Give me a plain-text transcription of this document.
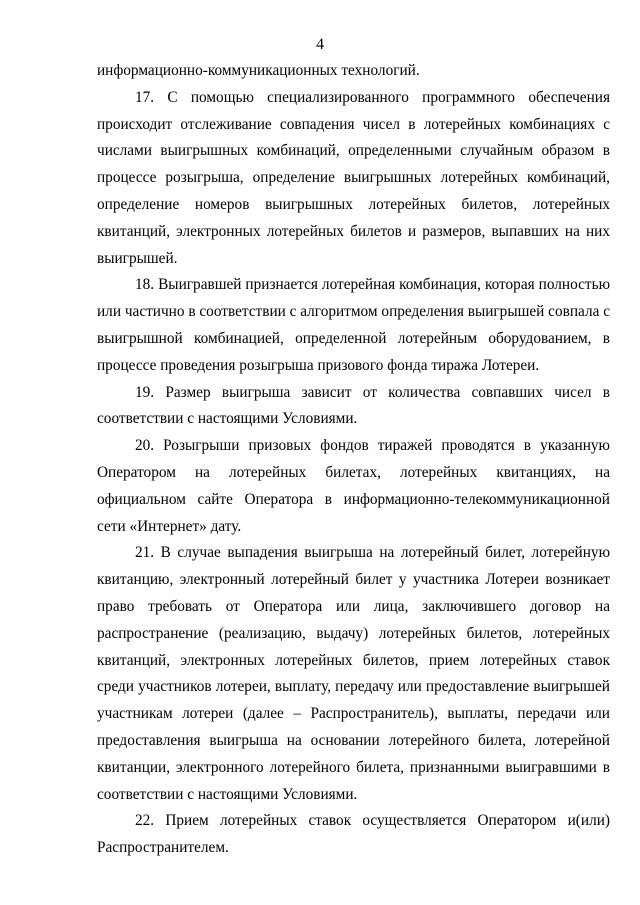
4

информационно-коммуникационных технологий.

17. С помощью специализированного программного обеспечения происходит отслеживание совпадения чисел в лотерейных комбинациях с числами выигрышных комбинаций, определенными случайным образом в процессе розыгрыша, определение выигрышных лотерейных комбинаций, определение номеров выигрышных лотерейных билетов, лотерейных квитанций, электронных лотерейных билетов и размеров, выпавших на них выигрышей.

18. Выигравшей признается лотерейная комбинация, которая полностью или частично в соответствии с алгоритмом определения выигрышей совпала с выигрышной комбинацией, определенной лотерейным оборудованием, в процессе проведения розыгрыша призового фонда тиража Лотереи.

19. Размер выигрыша зависит от количества совпавших чисел в соответствии с настоящими Условиями.

20. Розыгрыши призовых фондов тиражей проводятся в указанную Оператором на лотерейных билетах, лотерейных квитанциях, на официальном сайте Оператора в информационно-телекоммуникационной сети «Интернет» дату.

21. В случае выпадения выигрыша на лотерейный билет, лотерейную квитанцию, электронный лотерейный билет у участника Лотереи возникает право требовать от Оператора или лица, заключившего договор на распространение (реализацию, выдачу) лотерейных билетов, лотерейных квитанций, электронных лотерейных билетов, прием лотерейных ставок среди участников лотереи, выплату, передачу или предоставление выигрышей участникам лотереи (далее – Распространитель), выплаты, передачи или предоставления выигрыша на основании лотерейного билета, лотерейной квитанции, электронного лотерейного билета, признанными выигравшими в соответствии с настоящими Условиями.

22. Прием лотерейных ставок осуществляется Оператором и(или) Распространителем.
